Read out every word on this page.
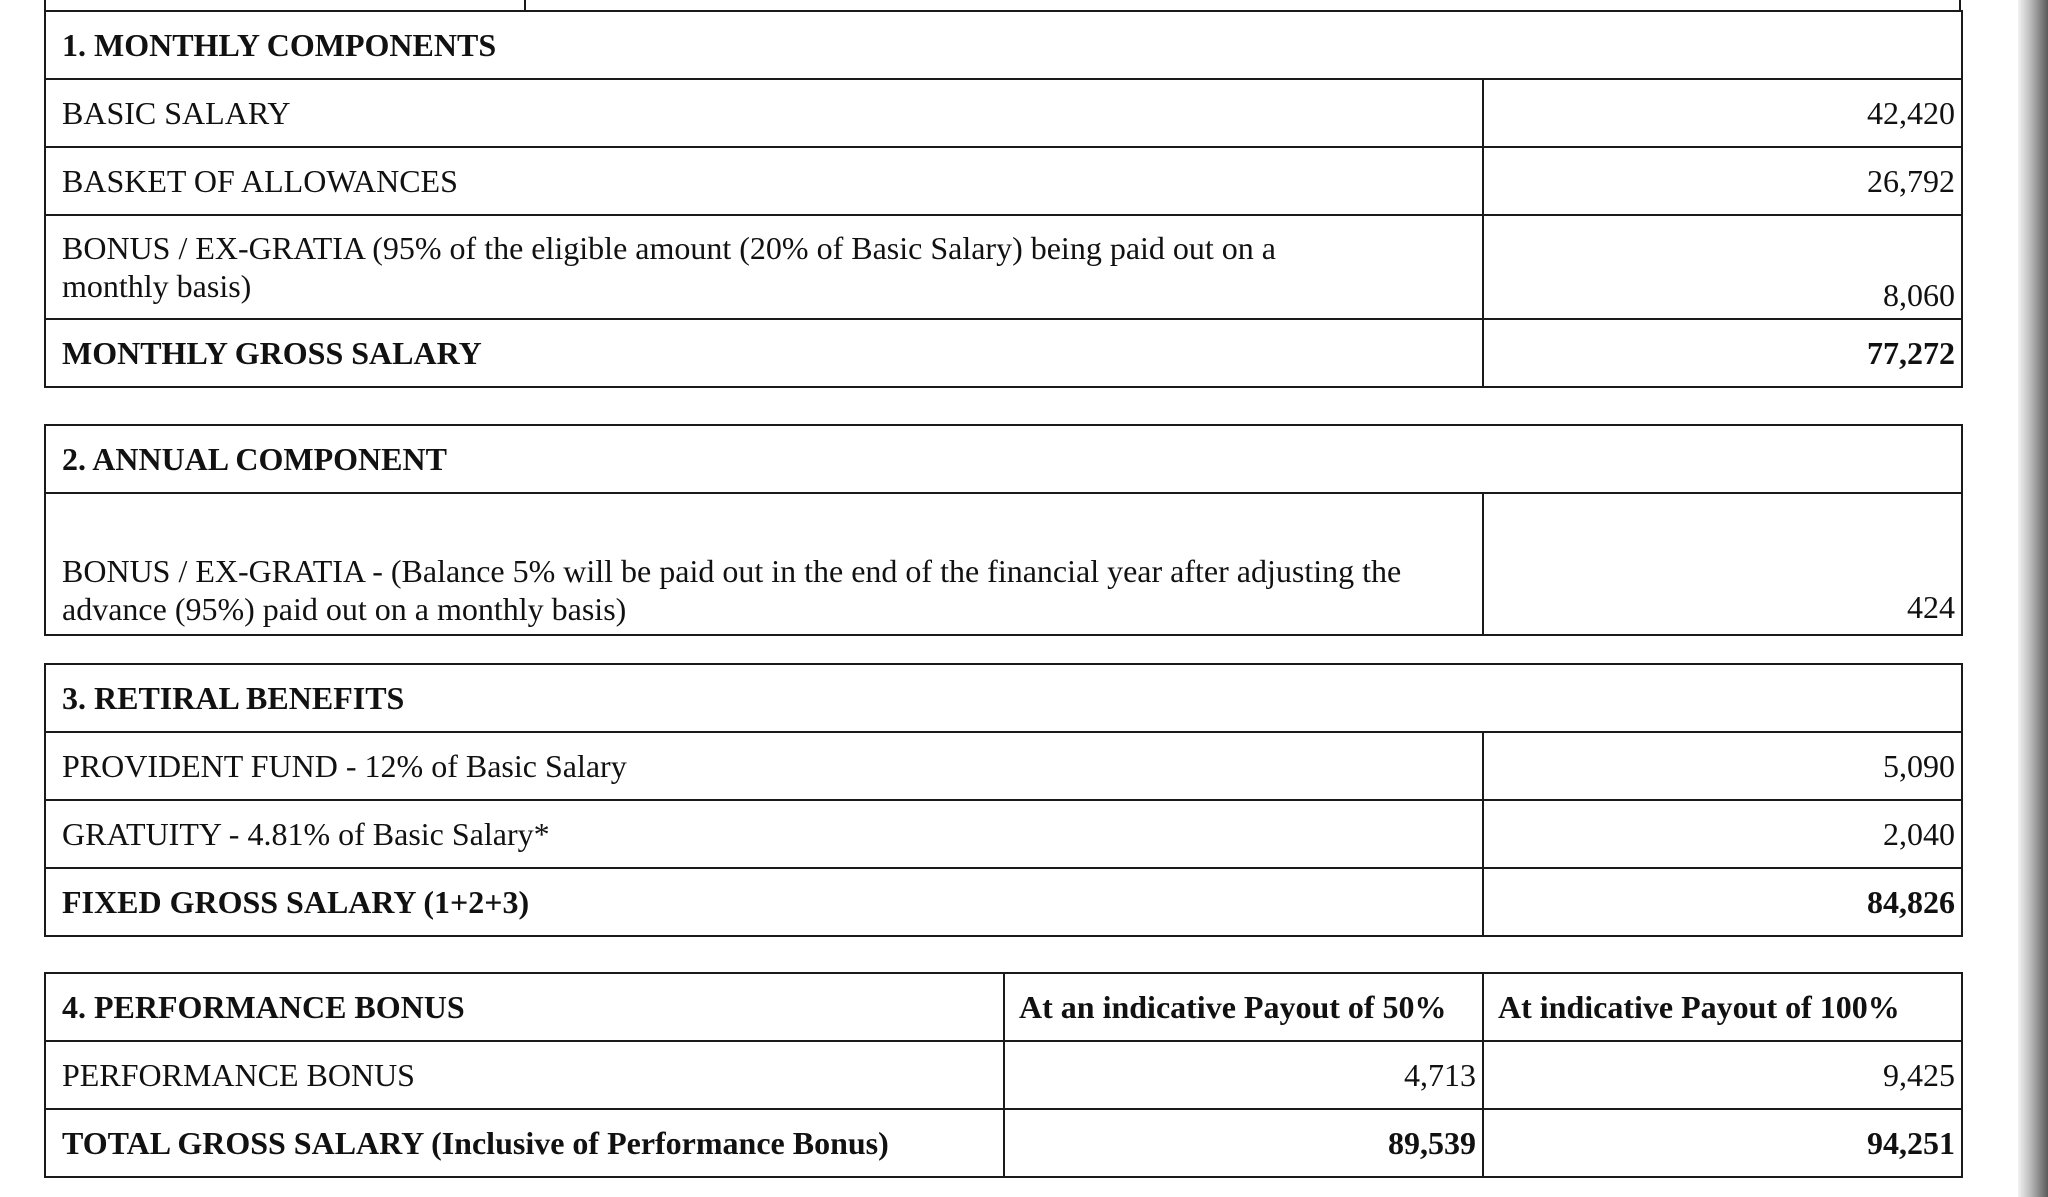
1. MONTHLY COMPONENTS	
BASIC SALARY	42,420
BASKET OF ALLOWANCES	26,792
BONUS / EX-GRATIA (95% of the eligible amount (20% of Basic Salary) being paid out on a monthly basis)	8,060
MONTHLY GROSS SALARY	77,272
2. ANNUAL COMPONENT
BONUS / EX-GRATIA - (Balance 5% will be paid out in the end of the financial year after adjusting the advance (95%) paid out on a monthly basis)	424
3. RETIRAL BENEFITS	
PROVIDENT FUND - 12% of Basic Salary	5,090
GRATUITY - 4.81% of Basic Salary*	2,040
FIXED GROSS SALARY (1+2+3)	84,826
4. PERFORMANCE BONUS	At an indicative Payout of 50%	At indicative Payout of 100%
PERFORMANCE BONUS	4,713	9,425
TOTAL GROSS SALARY (Inclusive of Performance Bonus)	89,539	94,251
